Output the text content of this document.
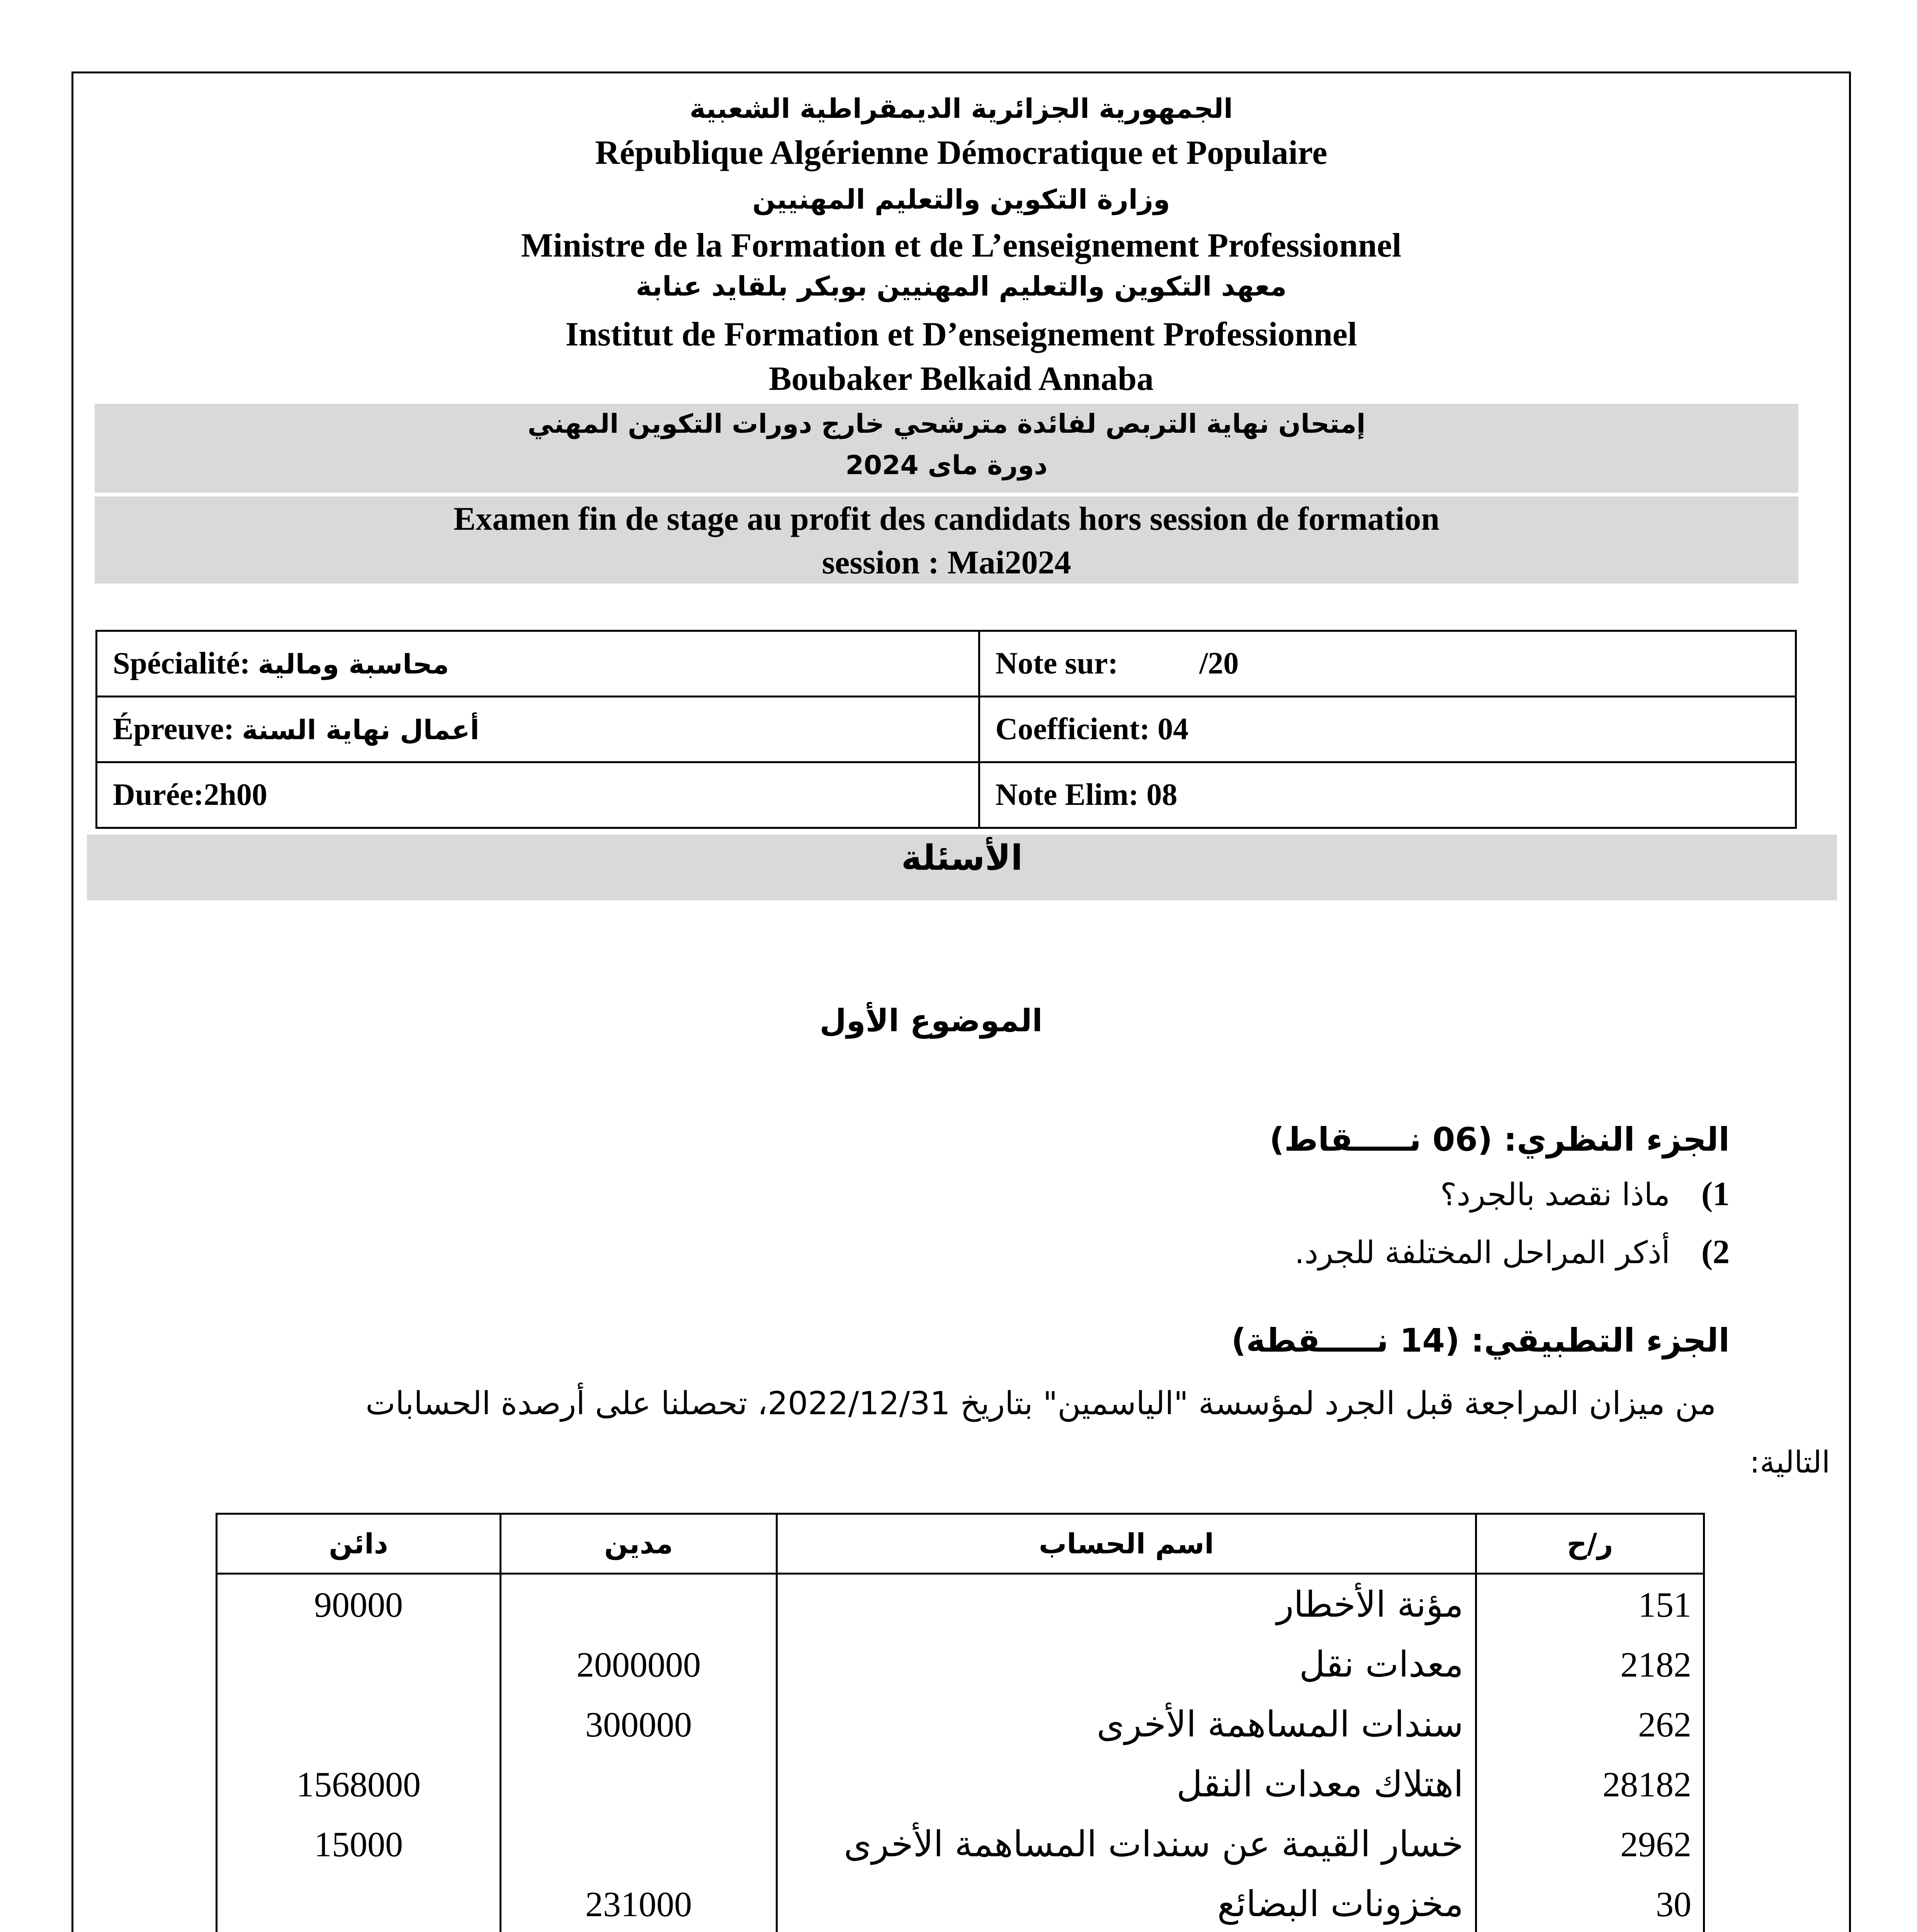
الجمهورية الجزائرية الديمقراطية الشعبية
République Algérienne Démocratique et Populaire
وزارة التكوين والتعليم المهنيين
Ministre de la Formation et de L’enseignement Professionnel
معهد التكوين والتعليم المهنيين بوبكر بلقايد عنابة
Institut de Formation et D’enseignement Professionnel
Boubaker Belkaid Annaba
إمتحان نهاية التربص لفائدة مترشحي خارج دورات التكوين المهني
دورة ماى 2024
Examen fin de stage au profit des candidats hors session de formation
session : Mai2024
Spécialité: محاسبة ومالية	Note sur: /20
Épreuve: أعمال نهاية السنة	Coefficient: 04
Durée:2h00	Note Elim: 08
الأسئلة
الموضوع الأول
الجزء النظري: (06 نـــــقاط)
1)  ماذا نقصد بالجرد؟
2)  أذكر المراحل المختلفة للجرد.
الجزء التطبيقي: (14 نـــــقطة)
من ميزان المراجعة قبل الجرد لمؤسسة "الياسمين" بتاريخ 2022/12/31، تحصلنا على أرصدة الحسابات
التالية:
ر/ح	اسم الحساب	مدين	دائن
151	مؤنة الأخطار		90000
2182	معدات نقل	2000000	
262	سندات المساهمة الأخرى	300000	
28182	اهتلاك معدات النقل		1568000
2962	خسار القيمة عن سندات المساهمة الأخرى		15000
30	مخزونات البضائع	231000	
